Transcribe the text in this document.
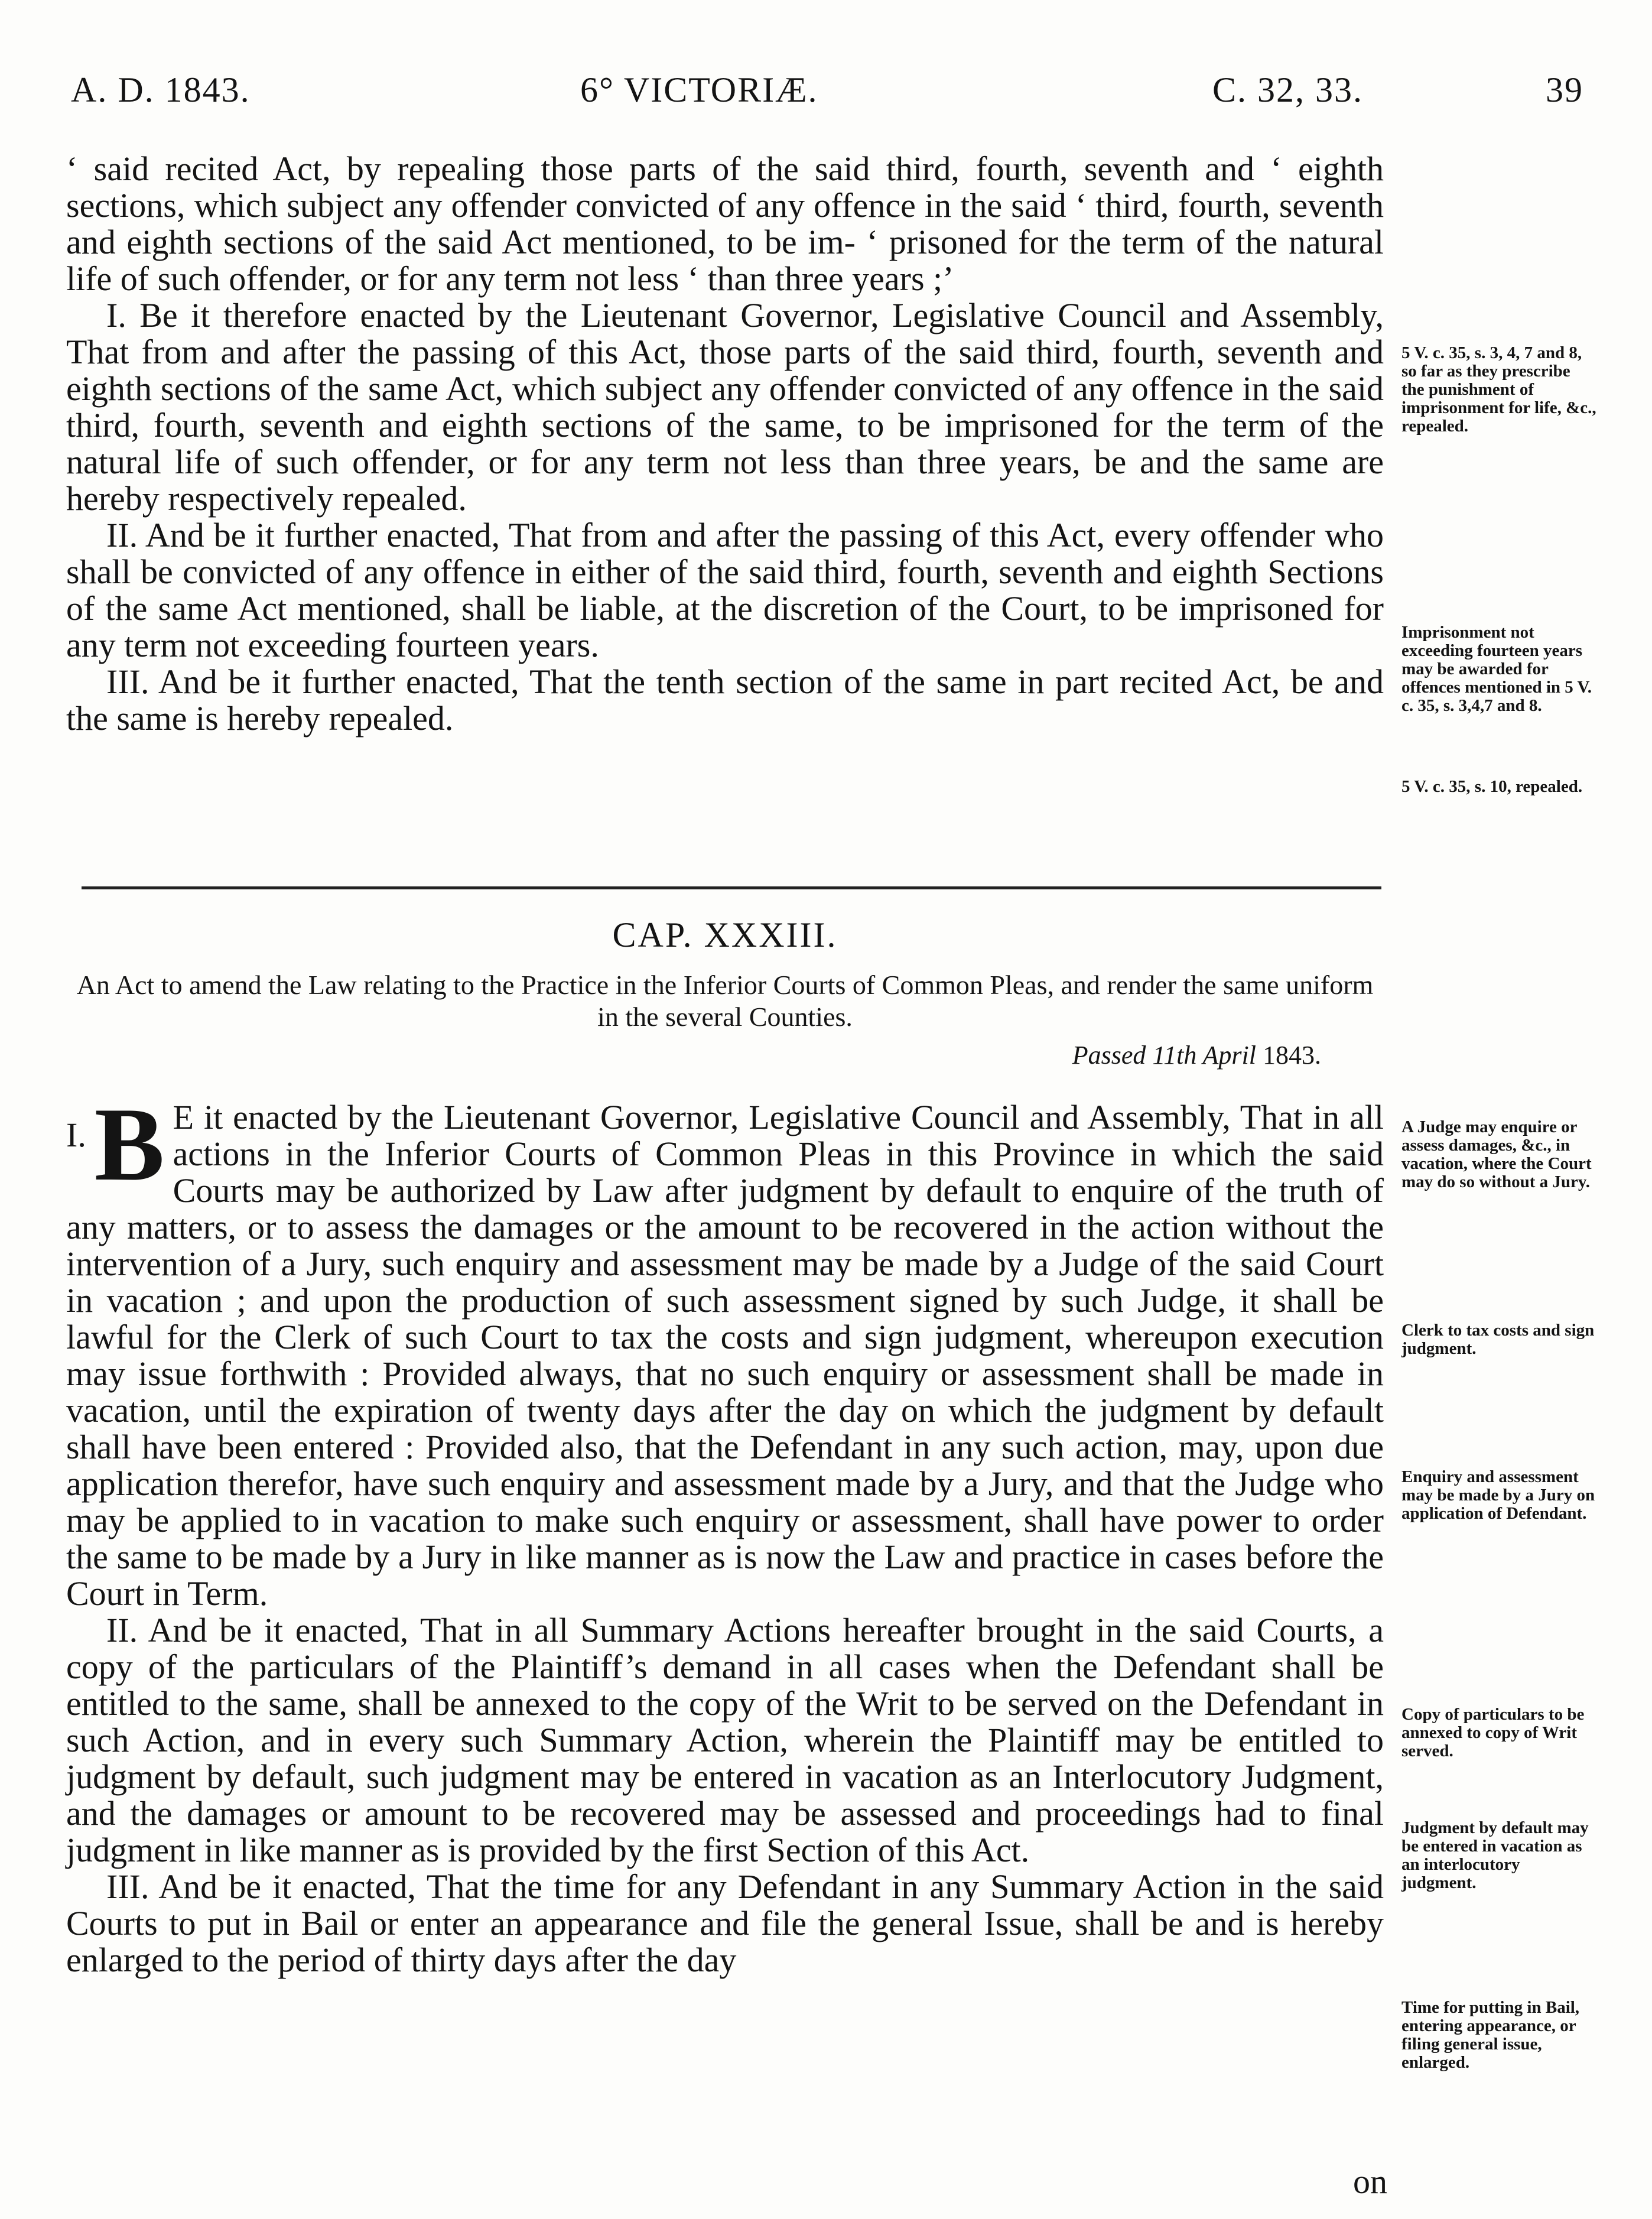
A. D. 1843.	6° VICTORIÆ.	C. 32, 33.	39

‘ said recited Act, by repealing those parts of the said third, fourth, seventh and ‘ eighth sections, which subject any offender convicted of any offence in the said ‘ third, fourth, seventh and eighth sections of the said Act mentioned, to be im- ‘ prisoned for the term of the natural life of such offender, or for any term not less ‘ than three years ;’

I. Be it therefore enacted by the Lieutenant Governor, Legislative Council and Assembly, That from and after the passing of this Act, those parts of the said third, fourth, seventh and eighth sections of the same Act, which subject any offender convicted of any offence in the said third, fourth, seventh and eighth sections of the same, to be imprisoned for the term of the natural life of such offender, or for any term not less than three years, be and the same are hereby respectively repealed.

II. And be it further enacted, That from and after the passing of this Act, every offender who shall be convicted of any offence in either of the said third, fourth, seventh and eighth Sections of the same Act mentioned, shall be liable, at the discretion of the Court, to be imprisoned for any term not exceeding fourteen years.

III. And be it further enacted, That the tenth section of the same in part recited Act, be and the same is hereby repealed.

5 V. c. 35, s. 3, 4, 7 and 8, so far as they prescribe the punishment of imprisonment for life, &c., repealed.
Imprisonment not exceeding fourteen years may be awarded for offences mentioned in 5 V. c. 35, s. 3,4,7 and 8.
5 V. c. 35, s. 10, repealed.
CAP. XXXIII.
An Act to amend the Law relating to the Practice in the Inferior Courts of Common Pleas, and render the same uniform in the several Counties.
Passed 11th April 1843.

I. B E it enacted by the Lieutenant Governor, Legislative Council and Assembly, That in all actions in the Inferior Courts of Common Pleas in this Province in which the said Courts may be authorized by Law after judgment by default to enquire of the truth of any matters, or to assess the damages or the amount to be recovered in the action without the intervention of a Jury, such enquiry and assessment may be made by a Judge of the said Court in vacation ; and upon the production of such assessment signed by such Judge, it shall be lawful for the Clerk of such Court to tax the costs and sign judgment, whereupon execution may issue forthwith : Provided always, that no such enquiry or assessment shall be made in vacation, until the expiration of twenty days after the day on which the judgment by default shall have been entered : Provided also, that the Defendant in any such action, may, upon due application therefor, have such enquiry and assessment made by a Jury, and that the Judge who may be applied to in vacation to make such enquiry or assessment, shall have power to order the same to be made by a Jury in like manner as is now the Law and practice in cases before the Court in Term.

II. And be it enacted, That in all Summary Actions hereafter brought in the said Courts, a copy of the particulars of the Plaintiff’s demand in all cases when the Defendant shall be entitled to the same, shall be annexed to the copy of the Writ to be served on the Defendant in such Action, and in every such Summary Action, wherein the Plaintiff may be entitled to judgment by default, such judgment may be entered in vacation as an Interlocutory Judgment, and the damages or amount to be recovered may be assessed and proceedings had to final judgment in like manner as is provided by the first Section of this Act.

III. And be it enacted, That the time for any Defendant in any Summary Action in the said Courts to put in Bail or enter an appearance and file the general Issue, shall be and is hereby enlarged to the period of thirty days after the day

A Judge may enquire or assess damages, &c., in vacation, where the Court may do so without a Jury.
Clerk to tax costs and sign judgment.
Enquiry and assessment may be made by a Jury on application of Defendant.
Copy of particulars to be annexed to copy of Writ served.
Judgment by default may be entered in vacation as an interlocutory judgment.
Time for putting in Bail, entering appearance, or filing general issue, enlarged.
on
